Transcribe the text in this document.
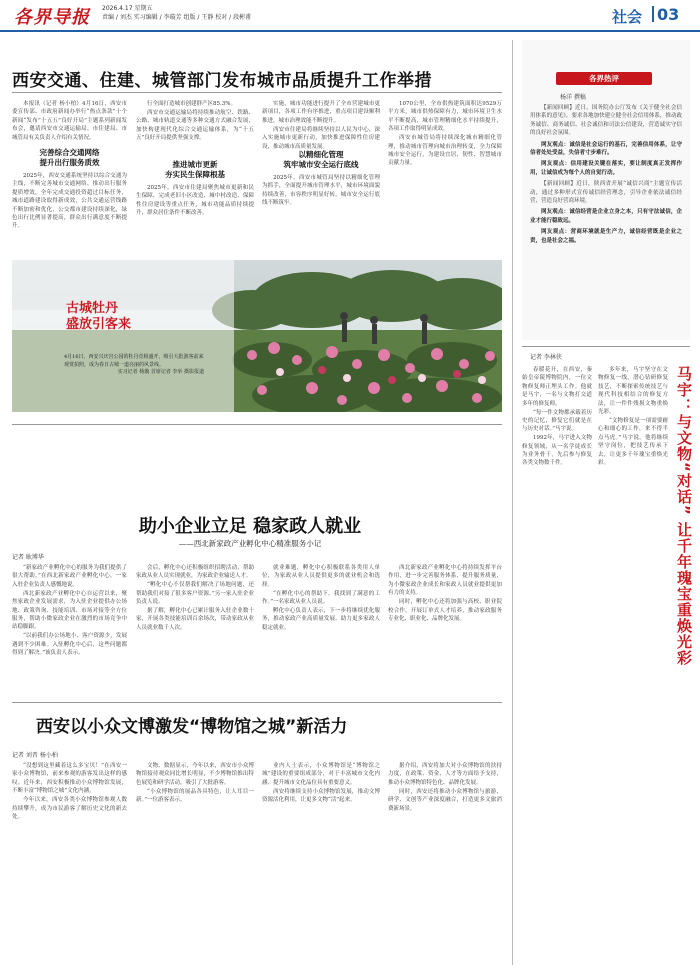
各界导报 2026.4.17 星期五
责编 / 刘杰 实习编辑 / 李璇芳 组版 / 王静 校对 / 段彬甫	社会 03
西安交通、住建、城管部门发布城市品质提升工作举措

本报讯（记者 杨小柏）4月16日，西安市委宣传部、市政府新闻办举行“热点条款”十个新闻“发布”十五五”良好开局”主题系列新闻发布会，邀请西安市交通运输局、市住建局、市城管局有关负责人介绍有关情况。

完善综合交通网络
提升出行服务质效

2025年，西安交通系统坚持以综合交通为主线，不断完善城市交通网络、推动出行服务提质增效，全年完成交通投资超过目标任务，城市道路建设取得新成效，公共交通运营线路不断加密和优化，公交都市建设持续深化，绿色出行比例显著提高，群众出行满意度不断提升。

行全面打造城市创建群产区85.3%。

西安市交通运输局将持续推动航空、铁路、公路、城市轨道交通等多种交通方式融合发展，加快构建现代化综合交通运输体系，为“十五五”良好开局提供坚强支撑。

推进城市更新
夯实民生保障根基

2025年，西安市住建局聚焦城市更新和民生保障，完成老旧小区改造、城中村改造、保障性住房建设等重点任务，城市功能品质持续提升，群众居住条件不断改善。

实施，城市功能进行提升了全市营建城市更新项目，各项工作有序推进，重点项目建设顺利推进，城市治理效能不断提升。

西安市住建局将继续坚持以人民为中心，深入实施城市更新行动，加快推进保障性住房建设，推动城市高质量发展。

以精细化管理
筑牢城市安全运行底线

2025年，西安市城管局坚持以精细化管理为抓手，全面提升城市管理水平，城市环境面貌持续改善，市容秩序明显好转，城市安全运行底线不断筑牢。

1070公里，全市供热建筑面积达9529万平方米，城市供热保障有力，城市环境卫生水平不断提高，城市管理精细化水平持续提升，各项工作取得明显成效。

西安市城管局将持续深化城市精细化管理，推动城市管理向城市治理转变，全力保障城市安全运行，为建设宜居、韧性、智慧城市贡献力量。

古城牡丹
盛放引客来
4月16日，西安兴庆宫公园的牡丹竞相盛开，吸引大批游客前来观赏拍照，成为春日古城一道亮丽的风景线。
实习记者 杨璇 首席记者 李举 摄影报道
助小企业立足 稳家政人就业
——西北新家政产业孵化中心精准服务小记
记者 耿博华

“新家政产业孵化中心的服务为我们提供了很大帮助。”在西北新家政产业孵化中心，一家入驻企业负责人感慨地说。

西北新家政产业孵化中心自运营以来，聚焦家政企业发展需求，为入驻企业提供办公场地、政策咨询、技能培训、市场对接等全方位服务，帮助小微家政企业在激烈的市场竞争中站稳脚跟。

“以前我们办公场地小、客户资源少，发展遇到不少困难。入驻孵化中心后，这些问题都得到了解决。”该负责人表示。

会后，孵化中心还积极组织招聘活动，帮助家政从业人员实现就业，为家政企业输送人才。

“孵化中心不仅帮我们解决了场地问题，还帮助我们对接了很多客户资源。”另一家入驻企业负责人说。

据了解，孵化中心已累计服务入驻企业数十家，开展各类技能培训百余场次，带动家政从业人员就业数千人次。

就业难题，孵化中心积极联系各类用人单位，为家政从业人员提供更多的就业机会和选择。

“在孵化中心的帮助下，我找到了满意的工作。”一名家政从业人员说。

孵化中心负责人表示，下一步将继续优化服务，推动家政产业高质量发展，助力更多家政人稳定就业。

西北新家政产业孵化中心将持续发挥平台作用，进一步完善服务体系，提升服务质量，为小微家政企业成长和家政人员就业提供更加有力的支持。

同时，孵化中心还将加强与高校、职业院校合作，开展订单式人才培养，推动家政服务专业化、职业化、品牌化发展。

西安以小众文博激发“博物馆之城”新活力
记者 刘晋 杨小柏

“没想到这里藏着这么多宝贝！”在西安一家小众博物馆，前来参观的游客发出这样的感叹。近年来，西安积极推动小众博物馆发展，不断丰富“博物馆之城”文化内涵。

今年以来，西安各类小众博物馆参观人数持续攀升，成为市民游客了解历史文化的新去处。

文物、数据显示，今年以来，西安市小众博物馆接待观众同比增长明显，不少博物馆推出特色展览和研学活动，吸引了大批游客。

“小众博物馆的展品各具特色，让人耳目一新。”一位游客表示。

业内人士表示，小众博物馆是“博物馆之城”建设的重要组成部分，对于丰富城市文化内涵、提升城市文化品位具有重要意义。

西安将继续支持小众博物馆发展，推动文博资源活化利用，让更多文物“活”起来。

据介绍，西安将加大对小众博物馆的扶持力度，在政策、资金、人才等方面给予支持，推动小众博物馆特色化、品牌化发展。

同时，西安还将推动小众博物馆与旅游、研学、文创等产业深度融合，打造更多文旅消费新场景。

各界热评
杨洋 撰稿

【新闻回顾】近日，国务院办公厅发布《关于健全社会信用体系的意见》，要求各地加快建立健全社会信用体系，推动政务诚信、商务诚信、社会诚信和司法公信建设，营造诚实守信的良好社会氛围。

网友观点：诚信是社会运行的基石，完善信用体系，让守信者处处受益，失信者寸步难行。

网友观点：信用建设关键在落实，要让制度真正发挥作用，让诚信成为每个人的自觉行动。

【新闻回顾】近日，陕西省开展“诚信兴商”主题宣传活动，通过多种形式宣传诚信经营理念，引导企业依法诚信经营，营造良好营商环境。

网友观点：诚信经营是企业立身之本，只有守法诚信，企业才能行稳致远。

网友观点：营商环境就是生产力，诚信经营既是企业之责，也是社会之福。

记者 李林侠
马宇：与文物“对话” 让千年瑰宝重焕光彩

春暖花开，在西安，秦始皇帝陵博物院内，一位文物修复师正埋头工作。他就是马宇，一名与文物打交道多年的修复师。

“每一件文物都承载着历史的记忆，修复它们就是在与历史对话。”马宇说。

1992年，马宇进入文物修复领域，从一名学徒成长为业务骨干，先后参与修复各类文物数千件。

多年来，马宇坚守在文物修复一线，潜心钻研修复技艺，不断探索传统技艺与现代科技相结合的修复方法，让一件件残损文物重焕光彩。

“文物修复是一项需要耐心和细心的工作，来不得半点马虎。”马宇说，他将继续坚守岗位，把技艺传承下去，让更多千年瑰宝重焕光彩。
